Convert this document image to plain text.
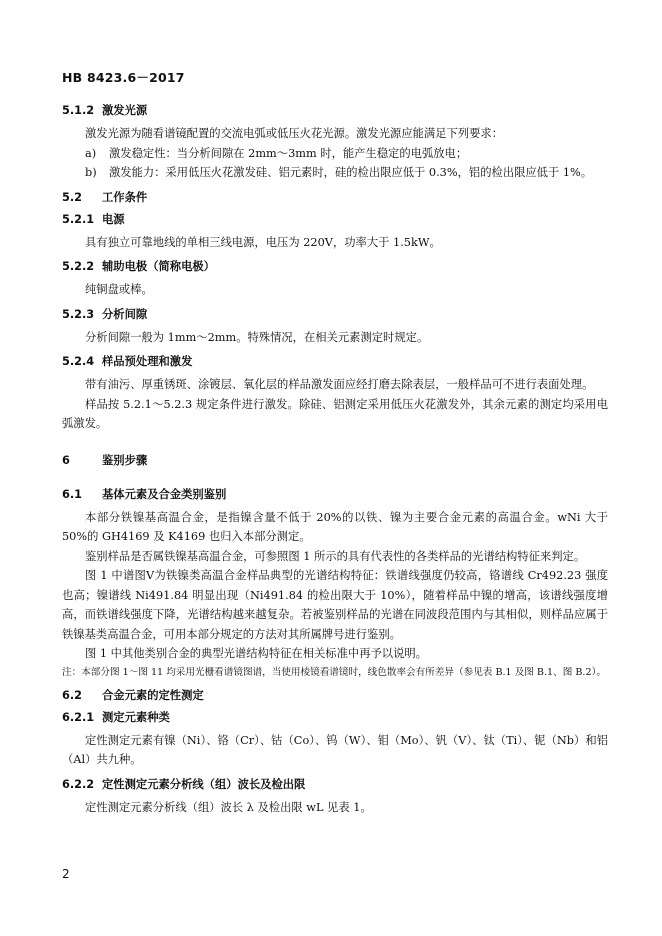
HB 8423.6－2017
5.1.2 激发光源

激发光源为随看谱镜配置的交流电弧或低压火花光源。激发光源应能满足下列要求：

a) 激发稳定性：当分析间隙在 2mm～3mm 时，能产生稳定的电弧放电；

b) 激发能力：采用低压火花激发硅、铝元素时，硅的检出限应低于 0.3%，铝的检出限应低于 1%。

5.2 工作条件
5.2.1 电源

具有独立可靠地线的单相三线电源，电压为 220V，功率大于 1.5kW。

5.2.2 辅助电极（简称电极）

纯铜盘或棒。

5.2.3 分析间隙

分析间隙一般为 1mm～2mm。特殊情况，在相关元素测定时规定。

5.2.4 样品预处理和激发

带有油污、厚重锈斑、涂镀层、氧化层的样品激发面应经打磨去除表层，一般样品可不进行表面处理。

样品按 5.2.1～5.2.3 规定条件进行激发。除硅、铝测定采用低压火花激发外，其余元素的测定均采用电弧激发。

6	鉴别步骤
6.1 基体元素及合金类别鉴别

本部分铁镍基高温合金，是指镍含量不低于 20%的以铁、镍为主要合金元素的高温合金。wNi 大于 50%的 GH4169 及 K4169 也归入本部分测定。

鉴别样品是否属铁镍基高温合金，可参照图 1 所示的具有代表性的各类样品的光谱结构特征来判定。

图 1 中谱图Ⅴ为铁镍类高温合金样品典型的光谱结构特征：铁谱线强度仍较高，铬谱线 Cr492.23 强度也高；镍谱线 Ni491.84 明显出现（Ni491.84 的检出限大于 10%），随着样品中镍的增高，该谱线强度增高，而铁谱线强度下降，光谱结构越来越复杂。若被鉴别样品的光谱在同波段范围内与其相似，则样品应属于铁镍基类高温合金，可用本部分规定的方法对其所属牌号进行鉴别。

图 1 中其他类别合金的典型光谱结构特征在相关标准中再予以说明。

注：本部分图 1～图 11 均采用光栅看谱镜图谱，当使用棱镜看谱镜时，线色散率会有所差异（参见表 B.1 及图 B.1、图 B.2）。

6.2 合金元素的定性测定
6.2.1 测定元素种类

定性测定元素有镍（Ni）、铬（Cr）、钴（Co）、钨（W）、钼（Mo）、钒（V）、钛（Ti）、铌（Nb）和铝（Al）共九种。

6.2.2 定性测定元素分析线（组）波长及检出限

定性测定元素分析线（组）波长 λ 及检出限 wL 见表 1。

2
